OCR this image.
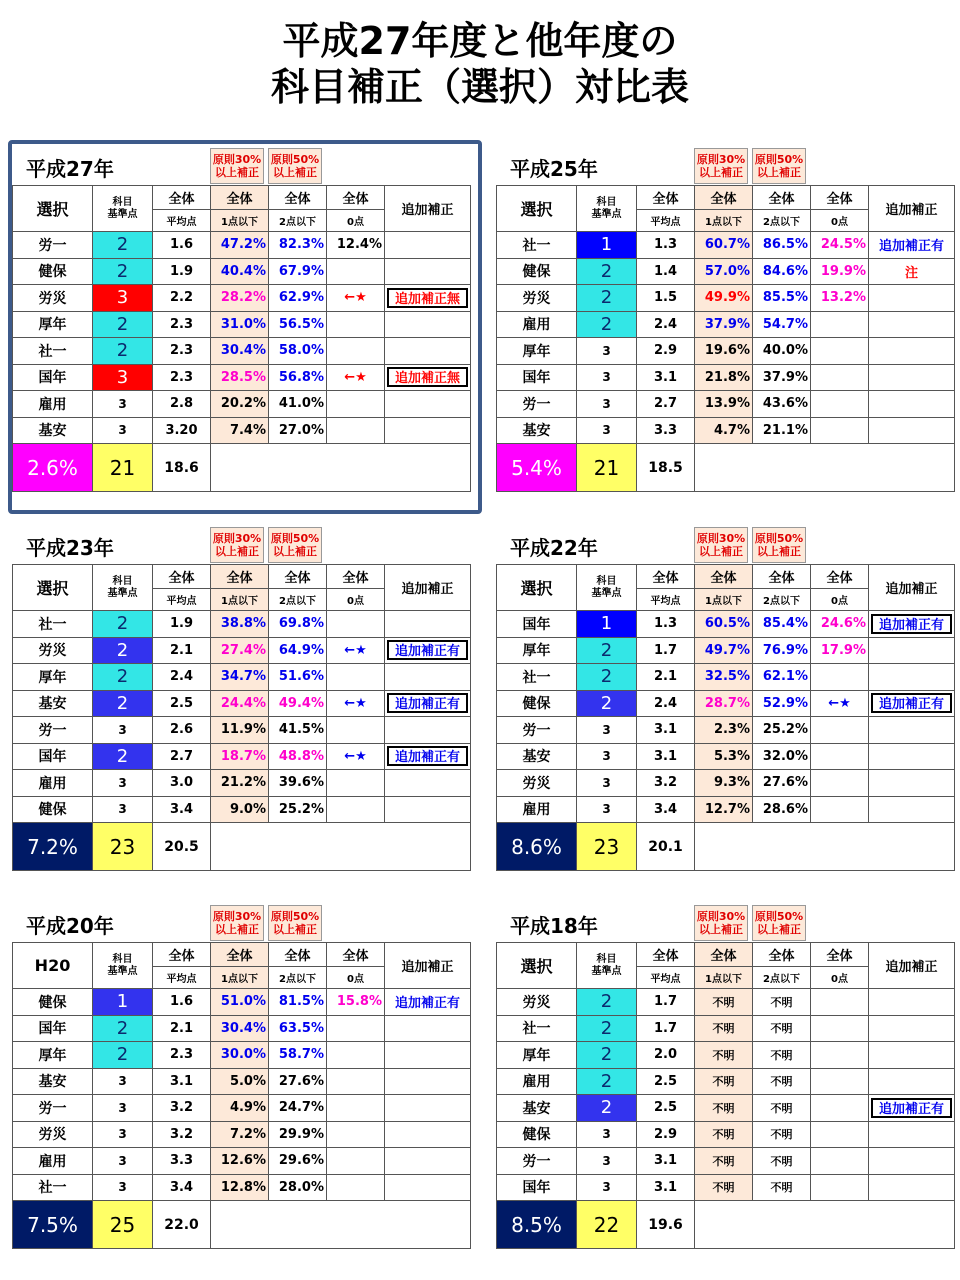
平成27年度と他年度の
科目補正（選択）対比表
平成27年	原則30%
以上補正
原則50%
以上補正
選択	科目
基準点	全体	全体	全体	全体	追加補正
		平均点	1点以下	2点以下	0点	
労一	2	1.6	47.2%	82.3%	12.4%	
健保	2	1.9	40.4%	67.9%		
労災	3	2.2	28.2%	62.9%	←★	追加補正無

厚年	2	2.3	31.0%	56.5%		
社一	2	2.3	30.4%	58.0%		
国年	3	2.3	28.5%	56.8%	←★	追加補正無

雇用	3	2.8	20.2%	41.0%		
基安	3	3.20	7.4%	27.0%		
2.6%	21	18.6				
平成25年	原則30%
以上補正
原則50%
以上補正
選択	科目
基準点	全体	全体	全体	全体	追加補正
		平均点	1点以下	2点以下	0点	
社一	1	1.3	60.7%	86.5%	24.5%	追加補正有
健保	2	1.4	57.0%	84.6%	19.9%	注
労災	2	1.5	49.9%	85.5%	13.2%	
雇用	2	2.4	37.9%	54.7%		
厚年	3	2.9	19.6%	40.0%		
国年	3	3.1	21.8%	37.9%		
労一	3	2.7	13.9%	43.6%		
基安	3	3.3	4.7%	21.1%		
5.4%	21	18.5				
平成23年	原則30%
以上補正
原則50%
以上補正
選択	科目
基準点	全体	全体	全体	全体	追加補正
		平均点	1点以下	2点以下	0点	
社一	2	1.9	38.8%	69.8%		
労災	2	2.1	27.4%	64.9%	←★	追加補正有

厚年	2	2.4	34.7%	51.6%		
基安	2	2.5	24.4%	49.4%	←★	追加補正有

労一	3	2.6	11.9%	41.5%		
国年	2	2.7	18.7%	48.8%	←★	追加補正有

雇用	3	3.0	21.2%	39.6%		
健保	3	3.4	9.0%	25.2%		
7.2%	23	20.5				
平成22年	原則30%
以上補正
原則50%
以上補正
選択	科目
基準点	全体	全体	全体	全体	追加補正
		平均点	1点以下	2点以下	0点	
国年	1	1.3	60.5%	85.4%	24.6%	追加補正有

厚年	2	1.7	49.7%	76.9%	17.9%	
社一	2	2.1	32.5%	62.1%		
健保	2	2.4	28.7%	52.9%	←★	追加補正有

労一	3	3.1	2.3%	25.2%		
基安	3	3.1	5.3%	32.0%		
労災	3	3.2	9.3%	27.6%		
雇用	3	3.4	12.7%	28.6%		
8.6%	23	20.1				
平成20年	原則30%
以上補正
原則50%
以上補正
H20	科目
基準点	全体	全体	全体	全体	追加補正
		平均点	1点以下	2点以下	0点	
健保	1	1.6	51.0%	81.5%	15.8%	追加補正有
国年	2	2.1	30.4%	63.5%		
厚年	2	2.3	30.0%	58.7%		
基安	3	3.1	5.0%	27.6%		
労一	3	3.2	4.9%	24.7%		
労災	3	3.2	7.2%	29.9%		
雇用	3	3.3	12.6%	29.6%		
社一	3	3.4	12.8%	28.0%		
7.5%	25	22.0				
平成18年	原則30%
以上補正
原則50%
以上補正
選択	科目
基準点	全体	全体	全体	全体	追加補正
		平均点	1点以下	2点以下	0点	
労災	2	1.7	不明	不明		
社一	2	1.7	不明	不明		
厚年	2	2.0	不明	不明		
雇用	2	2.5	不明	不明		
基安	2	2.5	不明	不明		追加補正有

健保	3	2.9	不明	不明		
労一	3	3.1	不明	不明		
国年	3	3.1	不明	不明		
8.5%	22	19.6				
